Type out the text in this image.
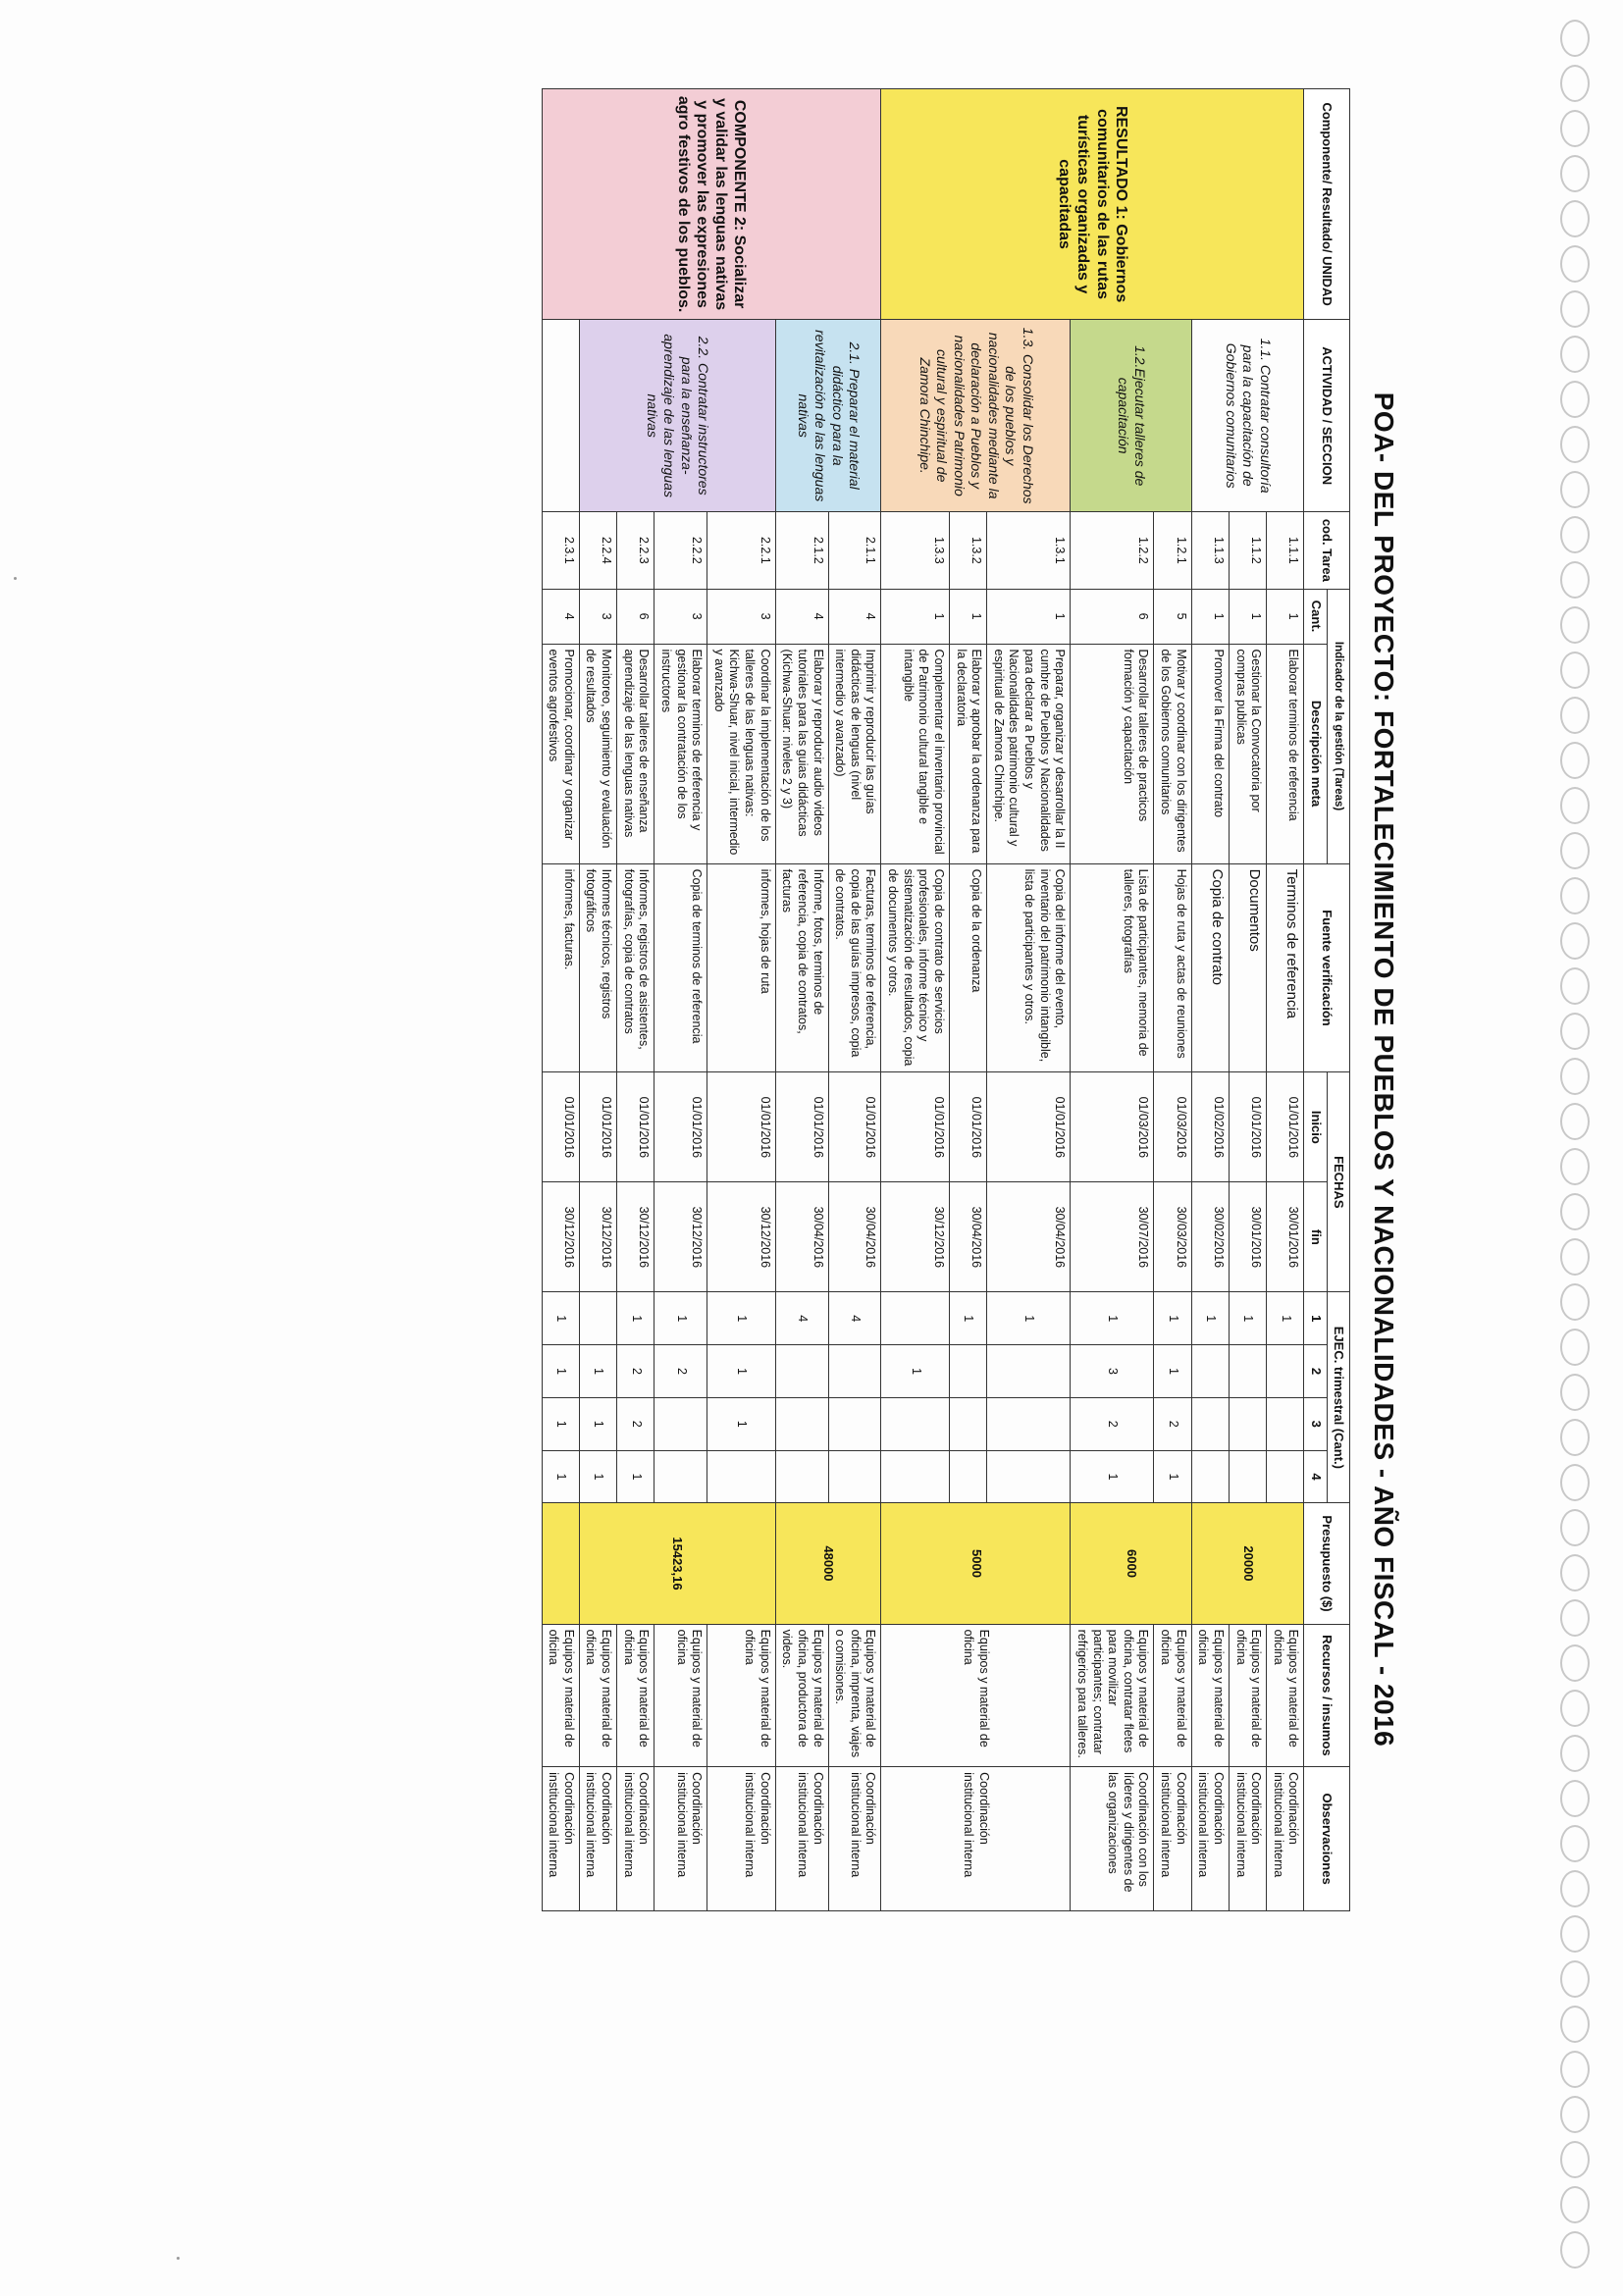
POA- DEL PROYECTO: FORTALECIMIENTO DE PUEBLOS Y NACIONALIDADES - AÑO FISCAL - 2016
Componente/ Resultado/ UNIDAD	ACTIVIDAD / SECCION	cod. Tarea	Indicador de la gestión (Tareas)		Fuente verificación	FECHAS		EJEC. trimestral (Cant.)				Presupuesto ($)	Recursos / insumos	Observaciones
			Cant.	Descripción meta		Inicio	fin	1	2	3	4			
RESULTADO 1: Gobiernos comunitarios de las rutas turísticas organizadas y capacitadas	1.1. Contratar consultoría para la capacitación de Gobiernos comunitarios	1.1.1	1	Elaborar terminos de referencia	Terminos de referencia	01/01/2016	30/01/2016	1				20000	Equipos y material de oficina	Coordinación institucional interna
		1.1.2	1	Gestionar la Convocatoria por compras publicas	Documentos	01/01/2016	30/01/2016	1					Equipos y material de oficina	Coordinación institucional interna
		1.1.3	1	Promover la Firma del contrato	Copia de contrato	01/02/2016	30/02/2016	1					Equipos y material de oficina	Coordinación institucional interna
	1.2.Ejecutar talleres de capacitación	1.2.1	5	Motivar y coordinar con los dirigentes de los Gobiernos comunitarios	Hojas de ruta y actas de reuniones	01/03/2016	30/03/2016	1	1	2	1	6000	Equipos y material de oficina	Coordinación institucional interna
		1.2.2	6	Desarrollar talleres de practicos formación y capacitación	Lista de participantes, memoria de talleres, fotografías	01/03/2016	30/07/2016	1	3	2	1		Equipos y material de oficina, contratar fletes para movilizar participantes; contratar refrigerios para talleres.	Coordinación con los líderes y dirigentes de las organizaciones
	1.3. Consolidar los Derechos de los pueblos y nacionalidades mediante la declaración a Pueblos y nacionalidades Patrimonio cultural y espiritual de Zamora Chinchipe.	1.3.1	1	Preparar, organizar y desarrollar la II cumbre de Pueblos y Nacionalidades para declarar a Pueblos y Nacionalidades patrimonio cultural y espiritual de Zamora Chinchipe.	Copia del informe del evento, inventario del patrimonio intangible, lista de participantes y otros.	01/01/2016	30/04/2016	1				5000	Equipos y material de oficina	Coordinación institucional interna
		1.3.2	1	Elaborar y aprobar la ordenanza para la declaratoria	Copia de la ordenanza	01/01/2016	30/04/2016	1						
		1.3.3	1	Complementar el inventario provincial de Patrimonio cultural tangible e intangible	Copia de contrato de servicios profesionales, informe técnico y sistematización de resultados, copia de documentos y otros.	01/01/2016	30/12/2016		1					
COMPONENTE 2: Socializar y validar las lenguas nativas y promover las expresiones agro festivos de los pueblos.	2.1. Preparar el material didáctico para la revitalización de las lenguas nativas	2.1.1	4	Imprimir y reproducir las guías didácticas de lenguas (nivel intermedio y avanzado)	Facturas, terminos de referencia, copia de las guías impresos, copia de contratos.	01/01/2016	30/04/2016	4				48000	Equipos y material de oficina, imprenta, viajes o comisiones.	Coordinación institucional interna
		2.1.2	4	Elaborar y reproducir audio videos tutoriales para las guias didácticas (Kichwa-Shuar: niveles 2 y 3)	Informe, fotos, terminos de referencia, copia de contratos, facturas	01/01/2016	30/04/2016	4					Equipos y material de oficina, productora de videos.	Coordinación institucional interna
	2.2. Contratar instructores para la enseñanza-aprendizaje de las lenguas nativas	2.2.1	3	Coordinar la implementación de los talleres de las lenguas nativas: Kichwa-Shuar, nivel inicial, intermedio y avanzado	informes, hojas de ruta	01/01/2016	30/12/2016	1	1	1		15423,16	Equipos y material de oficina	Coordinación institucional interna
		2.2.2	3	Elaborar terminos de referencia y gestionar la contratación de los instructores	Copia de terminos de referencia	01/01/2016	30/12/2016	1	2				Equipos y material de oficina	Coordinación institucional interna
		2.2.3	6	Desarrollar talleres de enseñanza aprendizaje de las lenguas nativas	Informes, registros de asistentes, fotografías, copia de contratos	01/01/2016	30/12/2016	1	2	2	1		Equipos y material de oficina	Coordinación institucional interna
		2.2.4	3	Monitoreo, seguimiento y evaluación de resultados	Informes técnicos, registros fotográficos	01/01/2016	30/12/2016		1	1	1		Equipos y material de oficina	Coordinación institucional interna
		2.3.1	4	Promocionar, coordinar y organizar eventos agrofestivos	informes, facturas.	01/01/2016	30/12/2016	1	1	1	1		Equipos y material de oficina	Coordinación institucional interna
